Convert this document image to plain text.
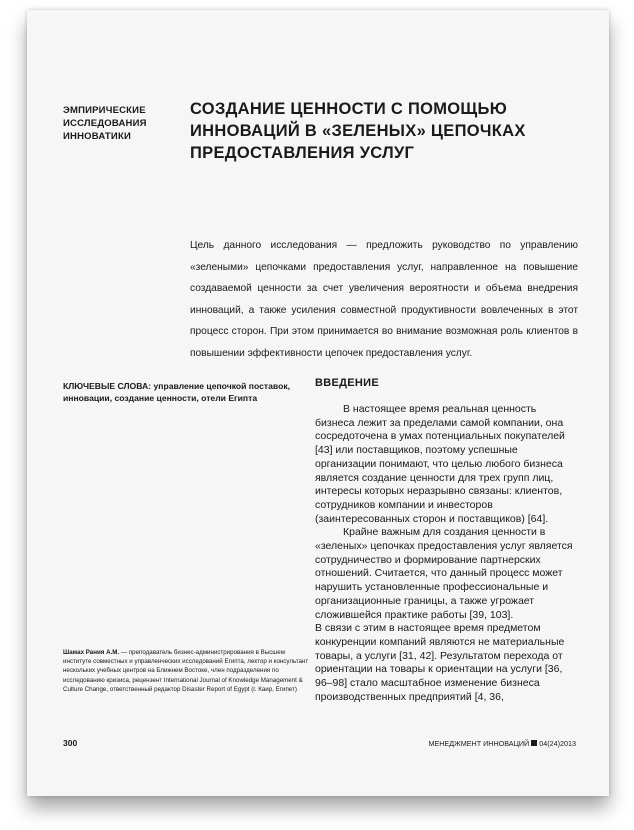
ЭМПИРИЧЕСКИЕ ИССЛЕДОВАНИЯ ИННОВАТИКИ
СОЗДАНИЕ ЦЕННОСТИ С ПОМОЩЬЮ ИННОВАЦИЙ В «ЗЕЛЕНЫХ» ЦЕПОЧКАХ ПРЕДОСТАВЛЕНИЯ УСЛУГ
Цель данного исследования — предложить руководство по управлению «зелеными» цепочками предоставления услуг, направленное на повышение создаваемой ценности за счет увеличения вероятности и объема внедрения инноваций, а также усиления совместной продуктивности вовлеченных в этот процесс сторон. При этом принимается во внимание возможная роль клиентов в повышении эффективности цепочек предоставления услуг.
КЛЮЧЕВЫЕ СЛОВА: управление цепочкой поставок, инновации, создание ценности, отели Египта
ВВЕДЕНИЕ

В настоящее время реальная ценность бизнеса лежит за пределами самой компании, она сосредоточена в умах потенциальных покупателей [43] или поставщиков, поэтому успешные организации понимают, что целью любого бизнеса является создание ценности для трех групп лиц, интересы которых неразрывно связаны: клиентов, сотрудников компании и инвесторов (заинтересованных сторон и поставщиков) [64].

Крайне важным для создания ценности в «зеленых» цепочках предоставления услуг является сотрудничество и формирование партнерских отношений. Считается, что данный процесс может нарушить установленные профессиональные и организационные границы, а также угрожает сложившейся практике работы [39, 103].

В связи с этим в настоящее время предметом конкуренции компаний являются не материальные товары, а услуги [31, 42]. Результатом перехода от ориентации на товары к ориентации на услуги [36, 96–98] стало масштабное изменение бизнеса производственных предприятий [4, 36,

Шамах Рания А.М. — преподаватель бизнес-администрирования в Высшем институте совместных и управленческих исследований Египта, лектор и консультант нескольких учебных центров на Ближнем Востоке, член подразделения по исследованию кризиса, рецензент International Journal of Knowledge Management & Culture Change, ответственный редактор Disaster Report of Egypt (г. Каир, Египет)
300	МЕНЕДЖМЕНТ ИННОВАЦИЙ 04(24)2013
